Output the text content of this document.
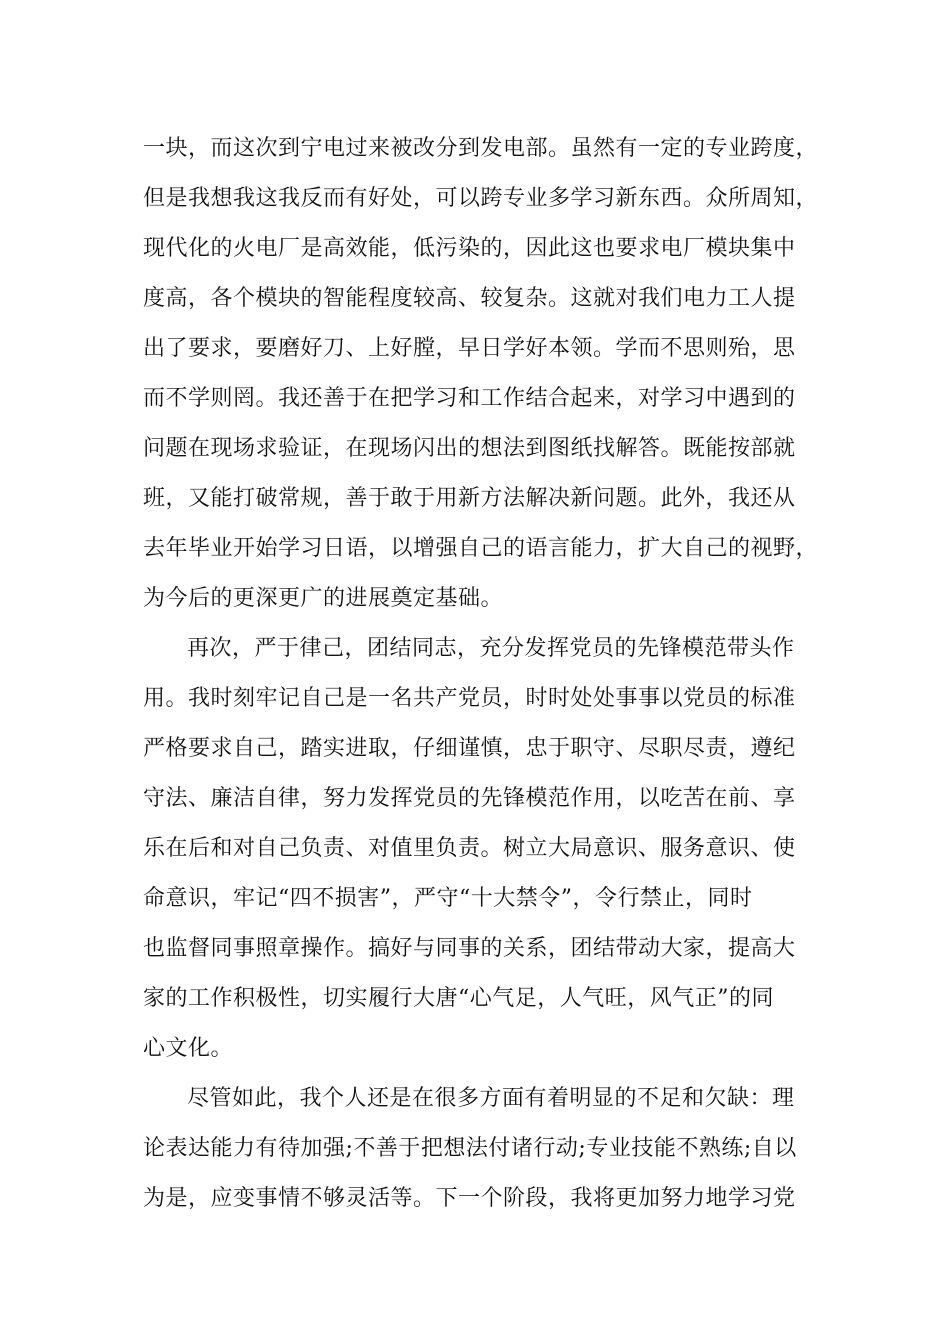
一块，而这次到宁电过来被改分到发电部。虽然有一定的专业跨度，
但是我想我这我反而有好处，可以跨专业多学习新东西。众所周知，
现代化的火电厂是高效能，低污染的，因此这也要求电厂模块集中
度高，各个模块的智能程度较高、较复杂。这就对我们电力工人提
出了要求，要磨好刀、上好膛，早日学好本领。学而不思则殆，思
而不学则罔。我还善于在把学习和工作结合起来，对学习中遇到的
问题在现场求验证，在现场闪出的想法到图纸找解答。既能按部就
班，又能打破常规，善于敢于用新方法解决新问题。此外，我还从
去年毕业开始学习日语，以增强自己的语言能力，扩大自己的视野，
为今后的更深更广的进展奠定基础。
再次，严于律己，团结同志，充分发挥党员的先锋模范带头作
用。我时刻牢记自己是一名共产党员，时时处处事事以党员的标准
严格要求自己，踏实进取，仔细谨慎，忠于职守、尽职尽责，遵纪
守法、廉洁自律，努力发挥党员的先锋模范作用，以吃苦在前、享
乐在后和对自己负责、对值里负责。树立大局意识、服务意识、使
命意识，牢记“四不损害”，严守“十大禁令”，令行禁止，同时
也监督同事照章操作。搞好与同事的关系，团结带动大家，提高大
家的工作积极性，切实履行大唐“心气足，人气旺，风气正”的同
心文化。
尽管如此，我个人还是在很多方面有着明显的不足和欠缺：理
论表达能力有待加强;不善于把想法付诸行动;专业技能不熟练;自以
为是，应变事情不够灵活等。下一个阶段，我将更加努力地学习党
